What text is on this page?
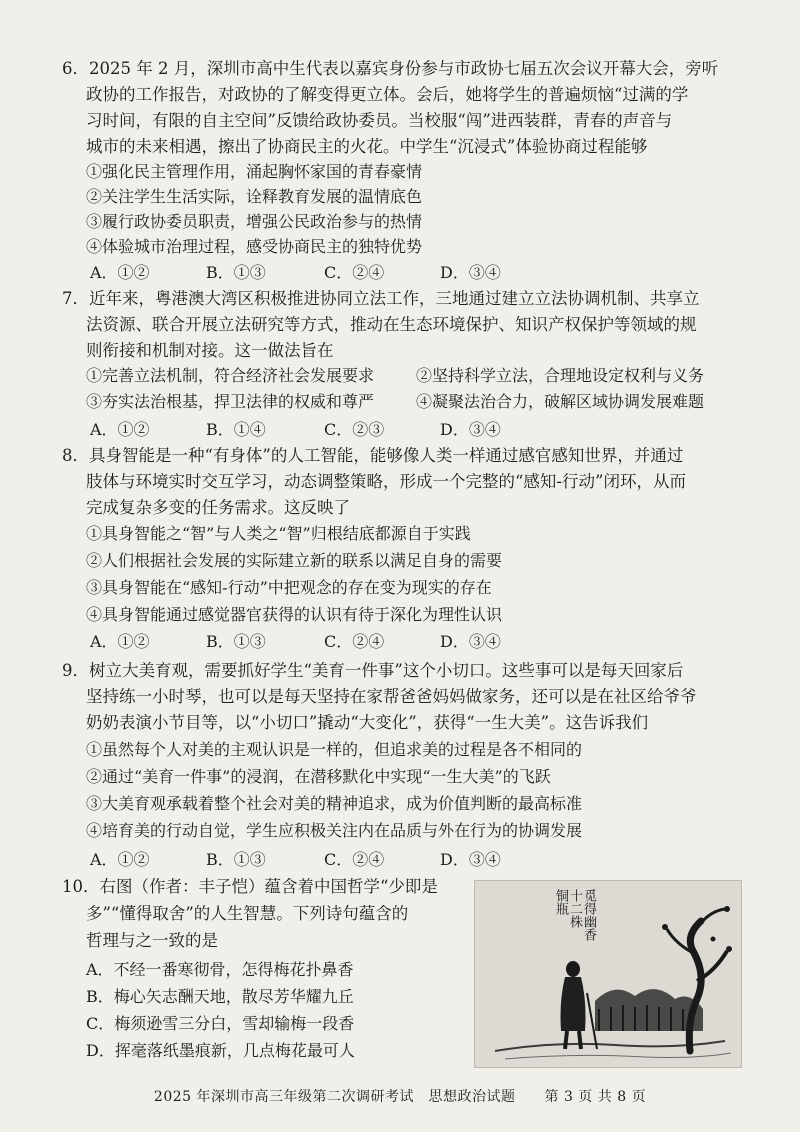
6．2025 年 2 月，深圳市高中生代表以嘉宾身份参与市政协七届五次会议开幕大会，旁听
政协的工作报告，对政协的了解变得更立体。会后，她将学生的普遍烦恼“过满的学
习时间，有限的自主空间”反馈给政协委员。当校服“闯”进西装群，青春的声音与
城市的未来相遇，擦出了协商民主的火花。中学生“沉浸式”体验协商过程能够
①强化民主管理作用，涌起胸怀家国的青春豪情
②关注学生生活实际，诠释教育发展的温情底色
③履行政协委员职责，增强公民政治参与的热情
④体验城市治理过程，感受协商民主的独特优势
A．①②	B．①③	C．②④	D．③④
7．近年来，粤港澳大湾区积极推进协同立法工作，三地通过建立立法协调机制、共享立
法资源、联合开展立法研究等方式，推动在生态环境保护、知识产权保护等领域的规
则衔接和机制对接。这一做法旨在
①完善立法机制，符合经济社会发展要求	②坚持科学立法，合理地设定权利与义务
③夯实法治根基，捍卫法律的权威和尊严	④凝聚法治合力，破解区域协调发展难题
A．①②	B．①④	C．②③	D．③④
8．具身智能是一种“有身体”的人工智能，能够像人类一样通过感官感知世界，并通过
肢体与环境实时交互学习，动态调整策略，形成一个完整的“感知-行动”闭环，从而
完成复杂多变的任务需求。这反映了
①具身智能之“智”与人类之“智”归根结底都源自于实践
②人们根据社会发展的实际建立新的联系以满足自身的需要
③具身智能在“感知-行动”中把观念的存在变为现实的存在
④具身智能通过感觉器官获得的认识有待于深化为理性认识
A．①②	B．①③	C．②④	D．③④
9．树立大美育观，需要抓好学生“美育一件事”这个小切口。这些事可以是每天回家后
坚持练一小时琴，也可以是每天坚持在家帮爸爸妈妈做家务，还可以是在社区给爷爷
奶奶表演小节目等，以“小切口”撬动“大变化”，获得“一生大美”。这告诉我们
①虽然每个人对美的主观认识是一样的，但追求美的过程是各不相同的
②通过“美育一件事”的浸润，在潜移默化中实现“一生大美”的飞跃
③大美育观承载着整个社会对美的精神追求，成为价值判断的最高标准
④培育美的行动自觉，学生应积极关注内在品质与外在行为的协调发展
A．①②	B．①③	C．②④	D．③④
10．右图（作者：丰子恺）蕴含着中国哲学“少即是
多”“懂得取舍”的人生智慧。下列诗句蕴含的
哲理与之一致的是
A．不经一番寒彻骨，怎得梅花扑鼻香
B．梅心矢志酬天地，散尽芳华耀九丘
C．梅须逊雪三分白，雪却输梅一段香
D．挥毫落纸墨痕新，几点梅花最可人
觅得幽香
十二株
铜瓶
2025 年深圳市高三年级第二次调研考试　思想政治试题　　第 3 页 共 8 页
